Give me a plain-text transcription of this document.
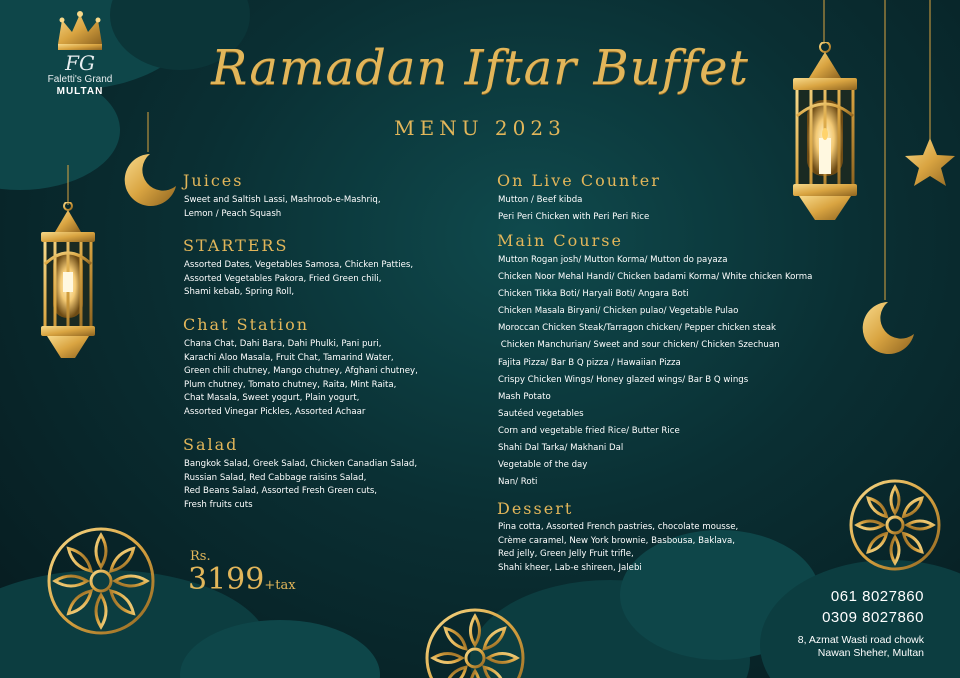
FG
Faletti's Grand
MULTAN	Ramadan Iftar Buffet
MENU 2023
Juices
Sweet and Saltish Lassi, Mashroob-e-Mashriq,
Lemon / Peach Squash
STARTERS
Assorted Dates, Vegetables Samosa, Chicken Patties,
Assorted Vegetables Pakora, Fried Green chili,
Shami kebab, Spring Roll,
Chat Station
Chana Chat, Dahi Bara, Dahi Phulki, Pani puri,
Karachi Aloo Masala, Fruit Chat, Tamarind Water,
Green chili chutney, Mango chutney, Afghani chutney,
Plum chutney, Tomato chutney, Raita, Mint Raita,
Chat Masala, Sweet yogurt, Plain yogurt,
Assorted Vinegar Pickles, Assorted Achaar
Salad
Bangkok Salad, Greek Salad, Chicken Canadian Salad,
Russian Salad, Red Cabbage raisins Salad,
Red Beans Salad, Assorted Fresh Green cuts,
Fresh fruits cuts
Rs.
3199+tax
On Live Counter
Mutton / Beef kibda
Peri Peri Chicken with Peri Peri Rice
Main Course
Mutton Rogan josh/ Mutton Korma/ Mutton do payaza
Chicken Noor Mehal Handi/ Chicken badami Korma/ White chicken Korma
Chicken Tikka Boti/ Haryali Boti/ Angara Boti
Chicken Masala Biryani/ Chicken pulao/ Vegetable Pulao
Moroccan Chicken Steak/Tarragon chicken/ Pepper chicken steak
Chicken Manchurian/ Sweet and sour chicken/ Chicken Szechuan
Fajita Pizza/ Bar B Q pizza / Hawaiian Pizza
Crispy Chicken Wings/ Honey glazed wings/ Bar B Q wings
Mash Potato
Sautéed vegetables
Corn and vegetable fried Rice/ Butter Rice
Shahi Dal Tarka/ Makhani Dal
Vegetable of the day
Nan/ Roti
Dessert
Pina cotta, Assorted French pastries, chocolate mousse,
Crème caramel, New York brownie, Basbousa, Baklava,
Red jelly, Green Jelly Fruit trifle,
Shahi kheer, Lab-e shireen, Jalebi
061 8027860
0309 8027860
8, Azmat Wasti road chowk
Nawan Sheher, Multan
